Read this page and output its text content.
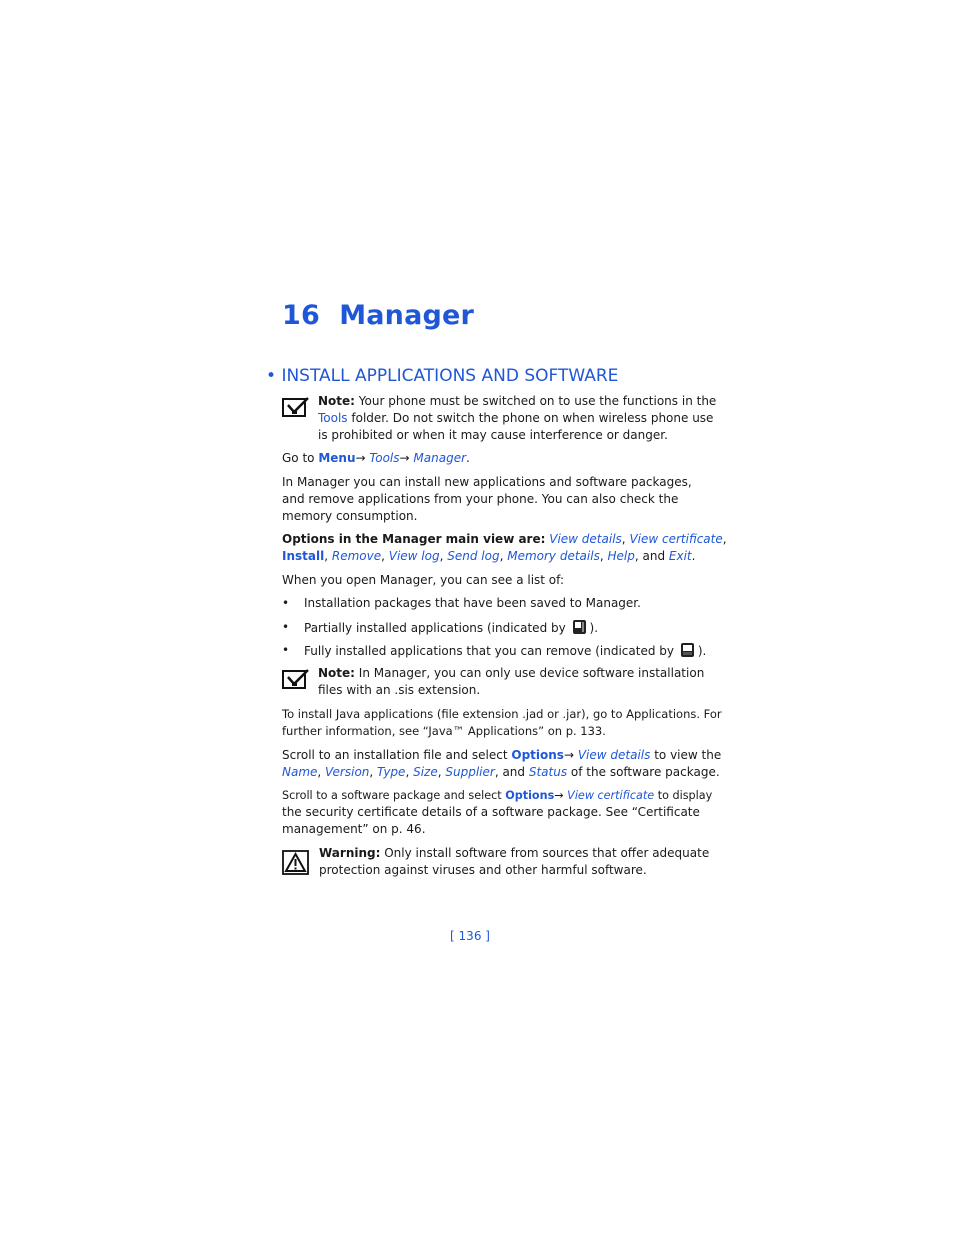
16 Manager
• INSTALL APPLICATIONS AND SOFTWARE
Note: Your phone must be switched on to use the functions in the
Tools folder. Do not switch the phone on when wireless phone use
is prohibited or when it may cause interference or danger.
Go to Menu→ Tools→ Manager.
In Manager you can install new applications and software packages,
and remove applications from your phone. You can also check the
memory consumption.
Options in the Manager main view are: View details, View certificate,
Install, Remove, View log, Send log, Memory details, Help, and Exit.
When you open Manager, you can see a list of:
• Installation packages that have been saved to Manager.
• Partially installed applications (indicated by ).
• Fully installed applications that you can remove (indicated by ).
Note: In Manager, you can only use device software installation
files with an .sis extension.
To install Java applications (file extension .jad or .jar), go to Applications. For
further information, see “Java™ Applications” on p. 133.
Scroll to an installation file and select Options→ View details to view the
Name, Version, Type, Size, Supplier, and Status of the software package.
Scroll to a software package and select Options→ View certificate to display
the security certificate details of a software package. See “Certificate
management” on p. 46.
Warning: Only install software from sources that offer adequate
protection against viruses and other harmful software.
[ 136 ]
